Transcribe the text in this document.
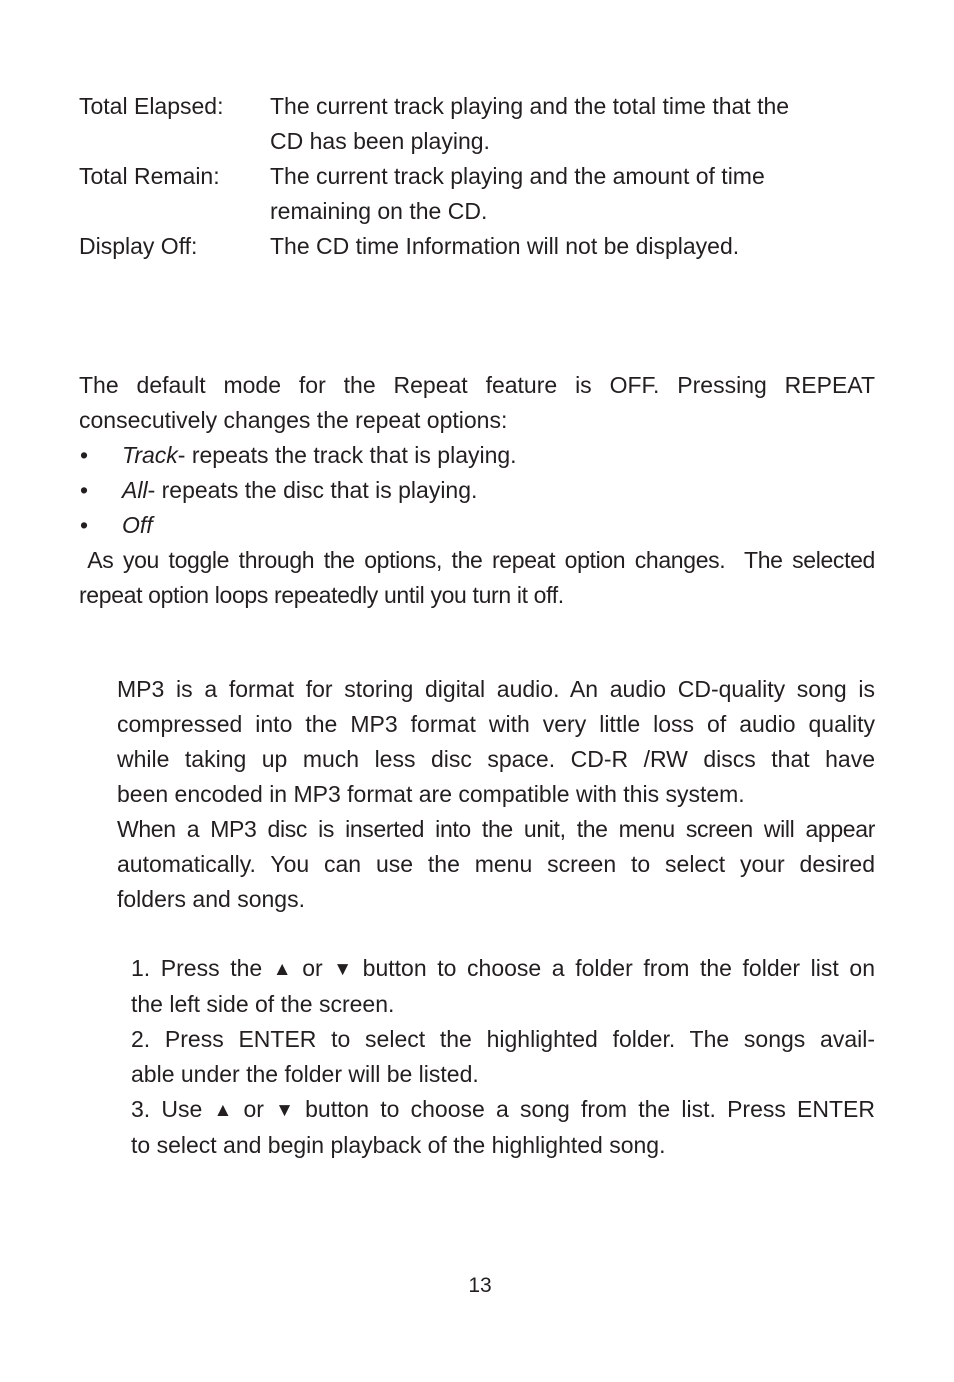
Total Elapsed:	The current track playing and the total time that the
CD has been playing.
Total Remain:	The current track playing and the amount of time
remaining on the CD.
Display Off:	The CD time Information will not be displayed.
The default mode for the Repeat feature is OFF. Pressing REPEAT
consecutively changes the repeat options:
•	Track- repeats the track that is playing.
•	All- repeats the disc that is playing.
•	Off
As you toggle through the options, the repeat option changes.  The selected
repeat option loops repeatedly until you turn it off.
MP3 is a format for storing digital audio. An audio CD-quality song is
compressed into the MP3 format with very little loss of audio quality
while taking up much less disc space. CD-R /RW discs that have
been encoded in MP3 format are compatible with this system.
When a MP3 disc is inserted into the unit, the menu screen will appear
automatically. You can use the menu screen to select your desired
folders and songs.
1. Press the ▲ or ▼ button to choose a folder from the folder list on
the left side of the screen.
2. Press ENTER to select the highlighted folder. The songs avail-
able under the folder will be listed.
3. Use ▲ or ▼ button to choose a song from the list. Press ENTER
to select and begin playback of the highlighted song.
13
